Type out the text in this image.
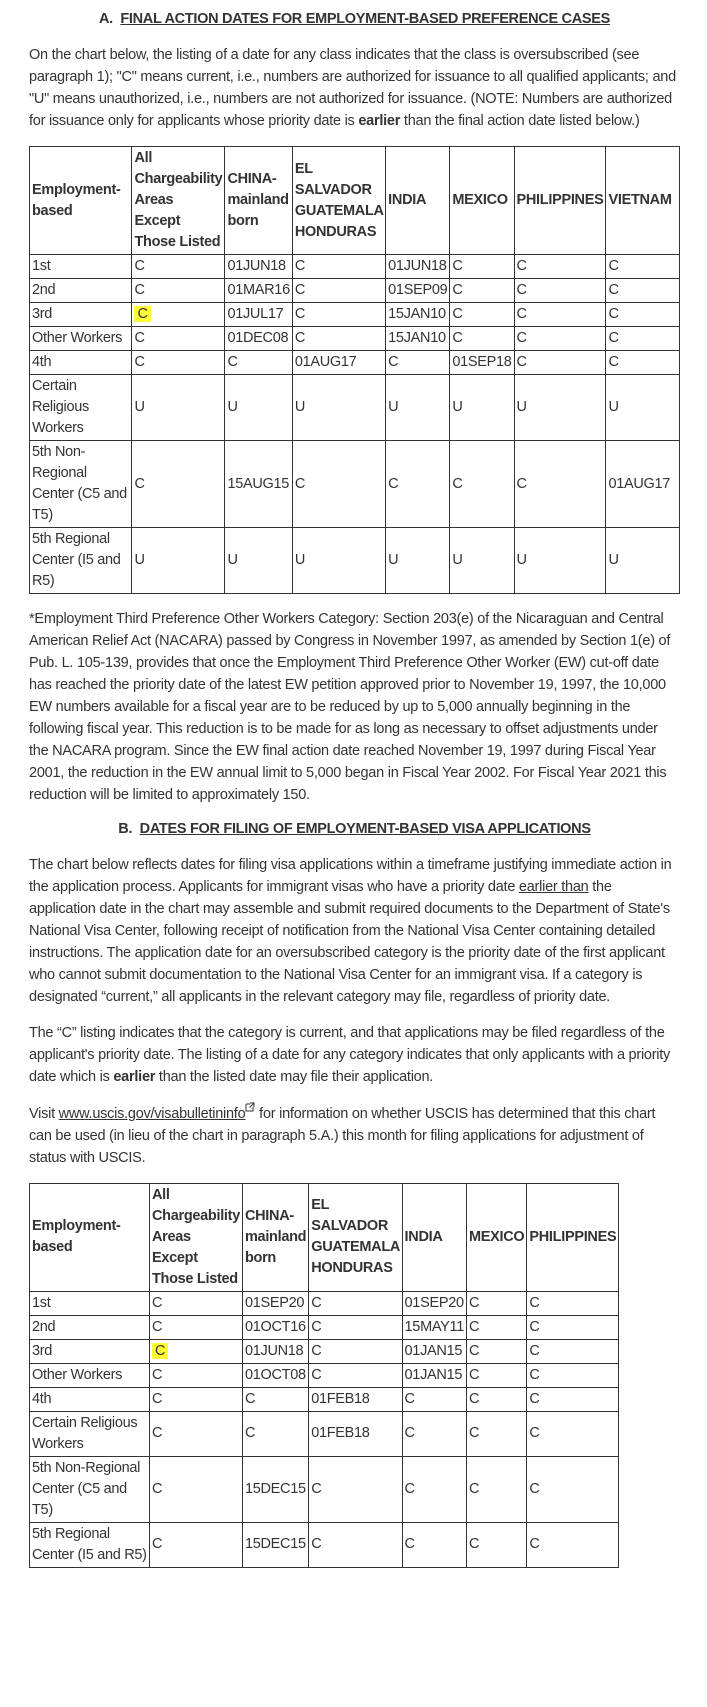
A. FINAL ACTION DATES FOR EMPLOYMENT-BASED PREFERENCE CASES

On the chart below, the listing of a date for any class indicates that the class is oversubscribed (see paragraph 1); "C" means current, i.e., numbers are authorized for issuance to all qualified applicants; and "U" means unauthorized, i.e., numbers are not authorized for issuance. (NOTE: Numbers are authorized for issuance only for applicants whose priority date is earlier than the final action date listed below.)

Employment-based	All Chargeability Areas Except Those Listed	CHINA-mainland born	EL SALVADOR GUATEMALA HONDURAS	INDIA	MEXICO	PHILIPPINES	VIETNAM
1st	C	01JUN18	C	01JUN18	C	C	C
2nd	C	01MAR16	C	01SEP09	C	C	C
3rd	C	01JUL17	C	15JAN10	C	C	C
Other Workers	C	01DEC08	C	15JAN10	C	C	C
4th	C	C	01AUG17	C	01SEP18	C	C
Certain Religious Workers	U	U	U	U	U	U	U
5th Non-Regional Center (C5 and T5)	C	15AUG15	C	C	C	C	01AUG17
5th Regional Center (I5 and R5)	U	U	U	U	U	U	U

*Employment Third Preference Other Workers Category: Section 203(e) of the Nicaraguan and Central American Relief Act (NACARA) passed by Congress in November 1997, as amended by Section 1(e) of Pub. L. 105-139, provides that once the Employment Third Preference Other Worker (EW) cut-off date has reached the priority date of the latest EW petition approved prior to November 19, 1997, the 10,000 EW numbers available for a fiscal year are to be reduced by up to 5,000 annually beginning in the following fiscal year. This reduction is to be made for as long as necessary to offset adjustments under the NACARA program. Since the EW final action date reached November 19, 1997 during Fiscal Year 2001, the reduction in the EW annual limit to 5,000 began in Fiscal Year 2002. For Fiscal Year 2021 this reduction will be limited to approximately 150.

B. DATES FOR FILING OF EMPLOYMENT-BASED VISA APPLICATIONS

The chart below reflects dates for filing visa applications within a timeframe justifying immediate action in the application process. Applicants for immigrant visas who have a priority date earlier than the application date in the chart may assemble and submit required documents to the Department of State's National Visa Center, following receipt of notification from the National Visa Center containing detailed instructions. The application date for an oversubscribed category is the priority date of the first applicant who cannot submit documentation to the National Visa Center for an immigrant visa. If a category is designated “current,” all applicants in the relevant category may file, regardless of priority date.

The “C” listing indicates that the category is current, and that applications may be filed regardless of the applicant's priority date. The listing of a date for any category indicates that only applicants with a priority date which is earlier than the listed date may file their application.

Visit www.uscis.gov/visabulletininfo for information on whether USCIS has determined that this chart can be used (in lieu of the chart in paragraph 5.A.) this month for filing applications for adjustment of status with USCIS.

Employment-based	All Chargeability Areas Except Those Listed	CHINA-mainland born	EL SALVADOR GUATEMALA HONDURAS	INDIA	MEXICO	PHILIPPINES
1st	C	01SEP20	C	01SEP20	C	C
2nd	C	01OCT16	C	15MAY11	C	C
3rd	C	01JUN18	C	01JAN15	C	C
Other Workers	C	01OCT08	C	01JAN15	C	C
4th	C	C	01FEB18	C	C	C
Certain Religious Workers	C	C	01FEB18	C	C	C
5th Non-Regional Center (C5 and T5)	C	15DEC15	C	C	C	C
5th Regional Center (I5 and R5)	C	15DEC15	C	C	C	C
